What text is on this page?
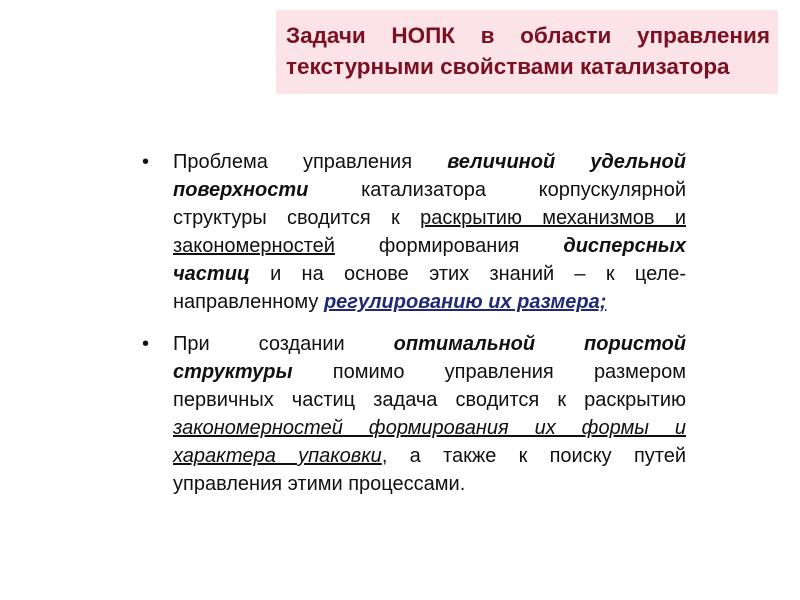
Задачи НОПК в области управления
текстурными свойствами катализатора
• Проблема управления величиной удельной
поверхности катализатора корпускулярной
структуры сводится к раскрытию механизмов и
закономерностей формирования дисперсных
частиц и на основе этих знаний – к целе-
направленному регулированию их размера;
• При создании оптимальной пористой
структуры помимо управления размером
первичных частиц задача сводится к раскрытию
закономерностей формирования их формы и
характера упаковки, а также к поиску путей
управления этими процессами.
